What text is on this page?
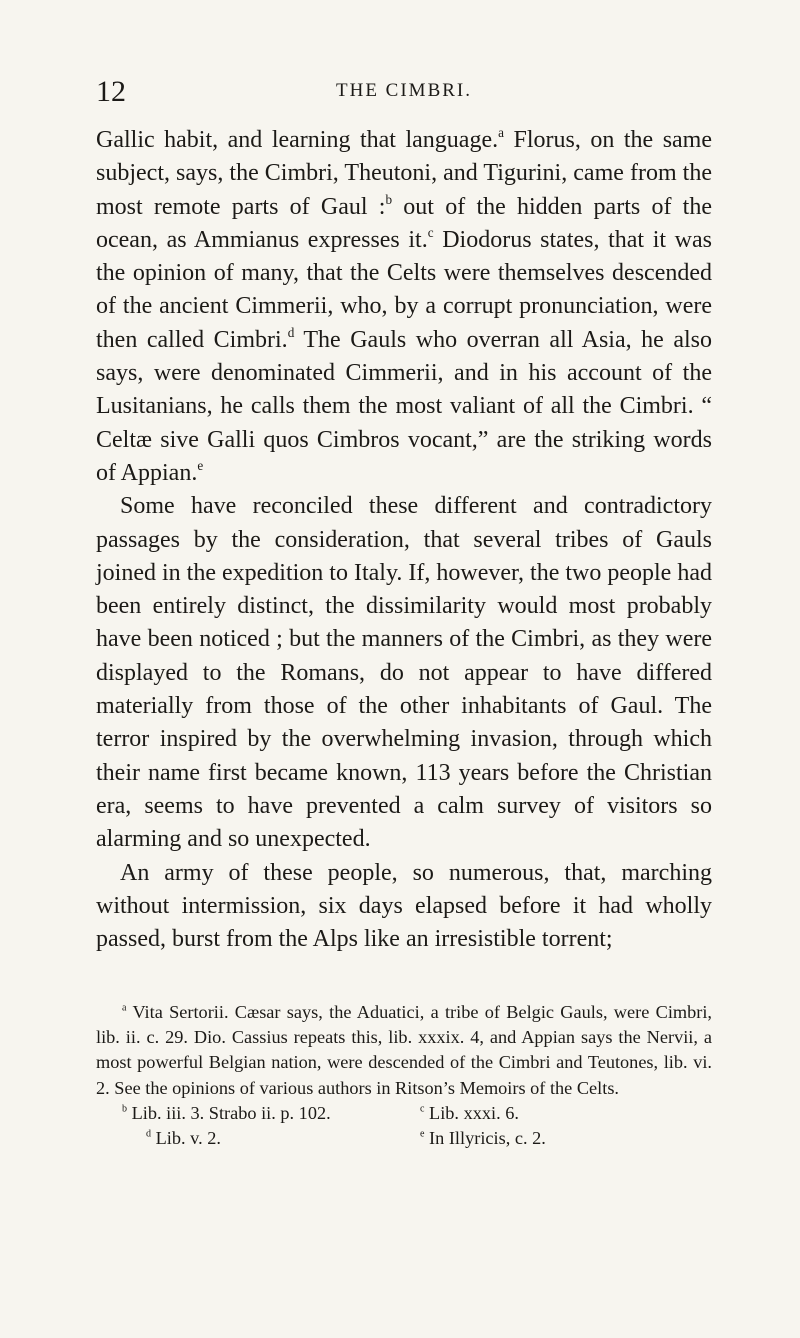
12	THE CIMBRI.

Gallic habit, and learning that language.$^a$ Florus, on the same subject, says, the Cimbri, Theutoni, and Tigurini, came from the most remote parts of Gaul :$^b$ out of the hidden parts of the ocean, as Ammianus expresses it.$^c$ Diodorus states, that it was the opinion of many, that the Celts were themselves descended of the ancient Cimmerii, who, by a corrupt pronunciation, were then called Cimbri.$^d$ The Gauls who overran all Asia, he also says, were denominated Cimmerii, and in his account of the Lusitanians, he calls them the most valiant of all the Cimbri. “ Celtæ sive Galli quos Cimbros vocant,” are the striking words of Appian.$^e$

Some have reconciled these different and contradictory passages by the consideration, that several tribes of Gauls joined in the expedition to Italy. If, however, the two people had been entirely distinct, the dissimilarity would most probably have been noticed ; but the manners of the Cimbri, as they were displayed to the Romans, do not appear to have differed materially from those of the other inhabitants of Gaul. The terror inspired by the overwhelming invasion, through which their name first became known, 113 years before the Christian era, seems to have prevented a calm survey of visitors so alarming and so unexpected.

An army of these people, so numerous, that, marching without intermission, six days elapsed before it had wholly passed, burst from the Alps like an irresistible torrent;

$^a$ Vita Sertorii. Cæsar says, the Aduatici, a tribe of Belgic Gauls, were Cimbri, lib. ii. c. 29. Dio. Cassius repeats this, lib. xxxix. 4, and Appian says the Nervii, a most powerful Belgian nation, were descended of the Cimbri and Teutones, lib. vi. 2. See the opinions of various authors in Ritson’s Memoirs of the Celts.

$^b$ Lib. iii. 3. Strabo ii. p. 102.	$^c$ Lib. xxxi. 6.
$^d$ Lib. v. 2.	$^e$ In Illyricis, c. 2.
